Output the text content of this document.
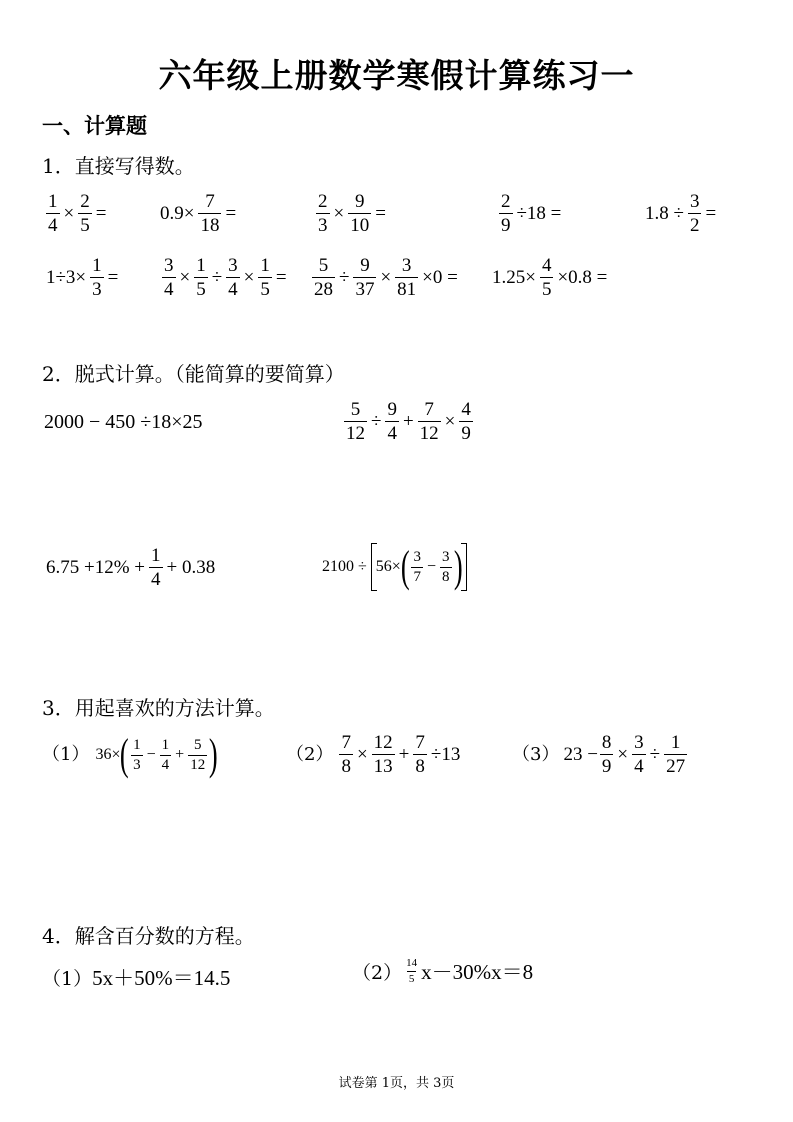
六年级上册数学寒假计算练习一
一、计算题
1．直接写得数。
$\frac{1}{4} \times \frac{2}{5}$ =	$0.9\times \frac{7}{18}$ =	$\frac{2}{3} \times \frac{9}{10}$ =	$\frac{2}{9} \div 18$ =	$1.8 \div \frac{3}{2}$ =
$1\div 3\times \frac{1}{3} = \frac{3}{4} \times \frac{1}{5} \div \frac{3}{4} \times \frac{1}{5} = \frac{5}{28} \div \frac{9}{37} \times \frac{3}{81} \times 0 = 1.25\times \frac{4}{5} \times 0.8$ =
2．脱式计算。（能简算的要简算）
2000 − 450 ÷18×25	$\frac{5}{12} \div \frac{9}{4} + \frac{7}{12} \times \frac{4}{9}$
$6.75 +12\% + \frac{1}{4} + 0.38$	2100 ÷ 56× ( $\frac{3}{7} - \frac{3}{8}$ )
3．用起喜欢的方法计算。
（1） 36× ( $\frac{1}{3} - \frac{1}{4} + \frac{5}{12}$ )	$(2) \frac{7}{8} \times \frac{12}{13} + \frac{7}{8} \div 13$	（3） $23 - \frac{8}{9} \times \frac{3}{4} \div \frac{1}{27}$
4．解含百分数的方程。
（1） 5x＋50%＝14.5	$(2) \frac{14}{5} x-30\%x=8$
试卷第 1页，共 3页
